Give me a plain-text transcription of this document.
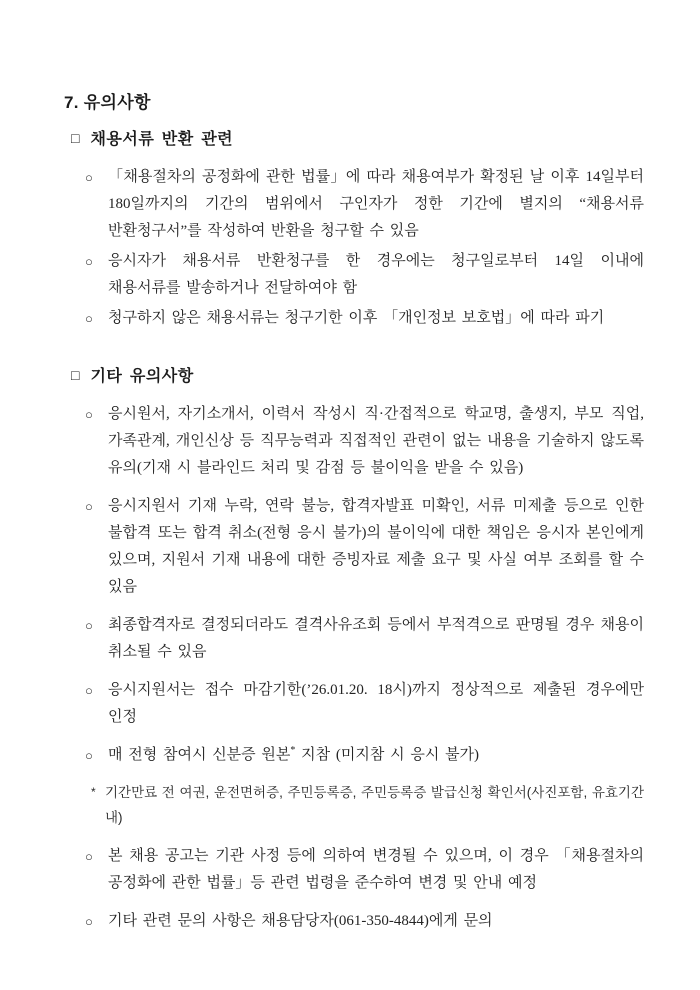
7. 유의사항
□ 채용서류 반환 관련
○	「채용절차의 공정화에 관한 법률」에 따라 채용여부가 확정된 날 이후 14일부터 180일까지의 기간의 범위에서 구인자가 정한 기간에 별지의 “채용서류 반환청구서”를 작성하여 반환을 청구할 수 있음

○	응시자가 채용서류 반환청구를 한 경우에는 청구일로부터 14일 이내에 채용서류를 발송하거나 전달하여야 함

○	청구하지 않은 채용서류는 청구기한 이후 「개인정보 보호법」에 따라 파기

□ 기타 유의사항
○	응시원서, 자기소개서, 이력서 작성시 직·간접적으로 학교명, 출생지, 부모 직업, 가족관계, 개인신상 등 직무능력과 직접적인 관련이 없는 내용을 기술하지 않도록 유의(기재 시 블라인드 처리 및 감점 등 불이익을 받을 수 있음)

○	응시지원서 기재 누락, 연락 불능, 합격자발표 미확인, 서류 미제출 등으로 인한 불합격 또는 합격 취소(전형 응시 불가)의 불이익에 대한 책임은 응시자 본인에게 있으며, 지원서 기재 내용에 대한 증빙자료 제출 요구 및 사실 여부 조회를 할 수 있음

○	최종합격자로 결정되더라도 결격사유조회 등에서 부적격으로 판명될 경우 채용이 취소될 수 있음

○	응시지원서는 접수 마감기한(’26.01.20. 18시)까지 정상적으로 제출된 경우에만 인정

○	매 전형 참여시 신분증 원본* 지참 (미지참 시 응시 불가)

* 기간만료 전 여권, 운전면허증, 주민등록증, 주민등록증 발급신청 확인서(사진포함, 유효기간 내)

○	본 채용 공고는 기관 사정 등에 의하여 변경될 수 있으며, 이 경우 「채용절차의 공정화에 관한 법률」등 관련 법령을 준수하여 변경 및 안내 예정

○	기타 관련 문의 사항은 채용담당자(061-350-4844)에게 문의
